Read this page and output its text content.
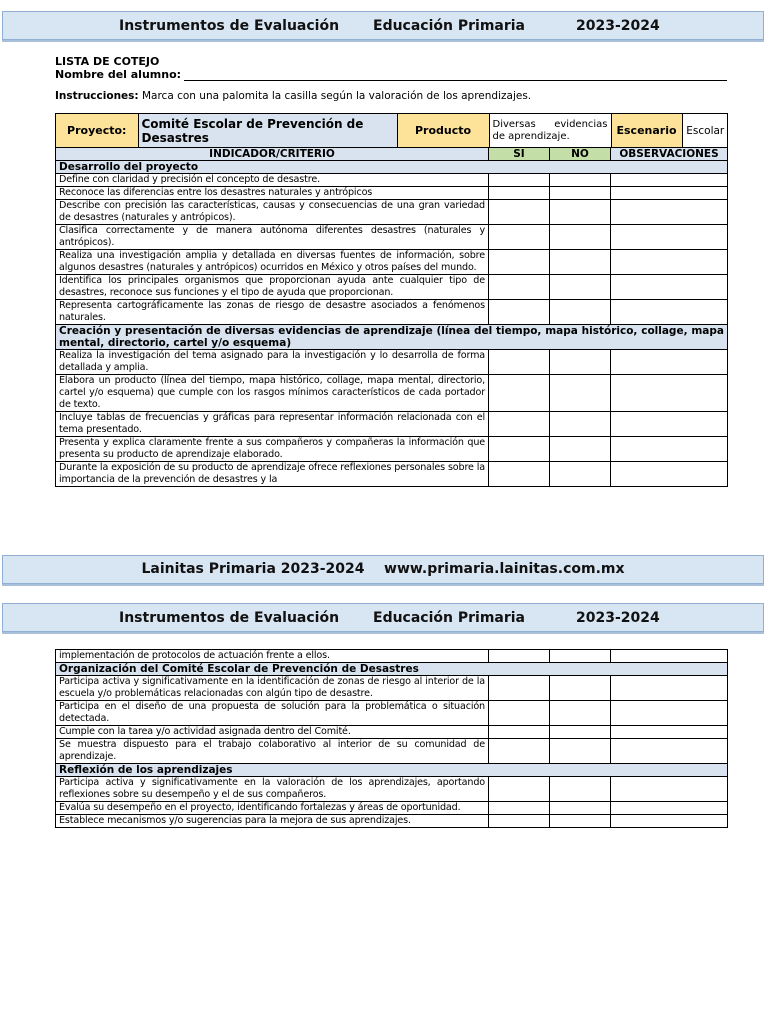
Instrumentos de Evaluación Educación Primaria	2023-2024
LISTA DE COTEJO
Nombre del alumno:
Instrucciones: Marca con una palomita la casilla según la valoración de los aprendizajes.
Proyecto:	Comité Escolar de Prevención de Desastres	Producto	Diversas evidencias de aprendizaje.	Escenario	Escolar

INDICADOR/CRITERIO	SI	NO	OBSERVACIONES
Desarrollo del proyecto
Define con claridad y precisión el concepto de desastre.			
Reconoce las diferencias entre los desastres naturales y antrópicos			
Describe con precisión las características, causas y consecuencias de una gran variedad de desastres (naturales y antrópicos).			
Clasifica correctamente y de manera autónoma diferentes desastres (naturales y antrópicos).			
Realiza una investigación amplia y detallada en diversas fuentes de información, sobre algunos desastres (naturales y antrópicos) ocurridos en México y otros países del mundo.			
Identifica los principales organismos que proporcionan ayuda ante cualquier tipo de desastres, reconoce sus funciones y el tipo de ayuda que proporcionan.			
Representa cartográficamente las zonas de riesgo de desastre asociados a fenómenos naturales.			
Creación y presentación de diversas evidencias de aprendizaje (línea del tiempo, mapa histórico, collage, mapa mental, directorio, cartel y/o esquema)
Realiza la investigación del tema asignado para la investigación y lo desarrolla de forma detallada y amplia.			
Elabora un producto (línea del tiempo, mapa histórico, collage, mapa mental, directorio, cartel y/o esquema) que cumple con los rasgos mínimos característicos de cada portador de texto.			
Incluye tablas de frecuencias y gráficas para representar información relacionada con el tema presentado.			
Presenta y explica claramente frente a sus compañeros y compañeras la información que presenta su producto de aprendizaje elaborado.			
Durante la exposición de su producto de aprendizaje ofrece reflexiones personales sobre la importancia de la prevención de desastres y la			
Lainitas Primaria 2023-2024 www.primaria.lainitas.com.mx
Instrumentos de Evaluación Educación Primaria	2023-2024
implementación de protocolos de actuación frente a ellos.			
Organización del Comité Escolar de Prevención de Desastres			
Participa activa y significativamente en la identificación de zonas de riesgo al interior de la escuela y/o problemáticas relacionadas con algún tipo de desastre.			
Participa en el diseño de una propuesta de solución para la problemática o situación detectada.			
Cumple con la tarea y/o actividad asignada dentro del Comité.			
Se muestra dispuesto para el trabajo colaborativo al interior de su comunidad de aprendizaje.			
Reflexión de los aprendizajes			
Participa activa y significativamente en la valoración de los aprendizajes, aportando reflexiones sobre su desempeño y el de sus compañeros.			
Evalúa su desempeño en el proyecto, identificando fortalezas y áreas de oportunidad.			
Establece mecanismos y/o sugerencias para la mejora de sus aprendizajes.			
